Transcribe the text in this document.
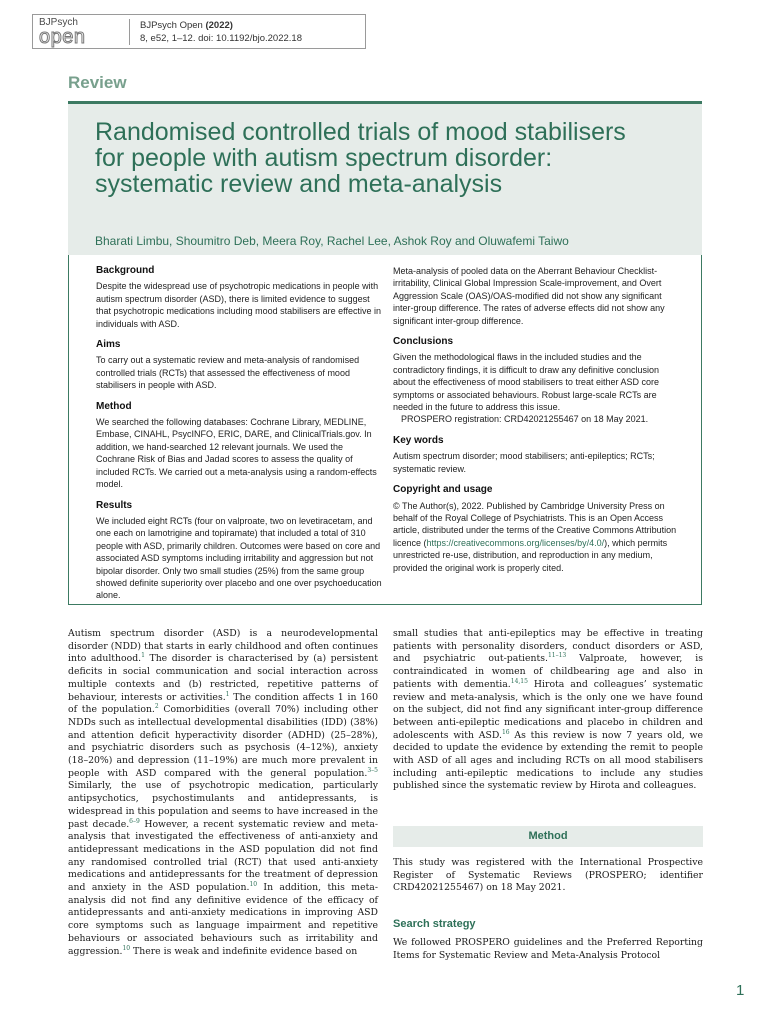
BJPsych
open
BJPsych Open (2022)
8, e52, 1–12. doi: 10.1192/bjo.2022.18
Review
Randomised controlled trials of mood stabilisers for people with autism spectrum disorder: systematic review and meta-analysis
Bharati Limbu, Shoumitro Deb, Meera Roy, Rachel Lee, Ashok Roy and Oluwafemi Taiwo

Background

Despite the widespread use of psychotropic medications in people with autism spectrum disorder (ASD), there is limited evidence to suggest that psychotropic medications including mood stabilisers are effective in individuals with ASD.

Aims

To carry out a systematic review and meta-analysis of randomised controlled trials (RCTs) that assessed the effectiveness of mood stabilisers in people with ASD.

Method

We searched the following databases: Cochrane Library, MEDLINE, Embase, CINAHL, PsycINFO, ERIC, DARE, and ClinicalTrials.gov. In addition, we hand-searched 12 relevant journals. We used the Cochrane Risk of Bias and Jadad scores to assess the quality of included RCTs. We carried out a meta-analysis using a random-effects model.

Results

We included eight RCTs (four on valproate, two on levetiracetam, and one each on lamotrigine and topiramate) that included a total of 310 people with ASD, primarily children. Outcomes were based on core and associated ASD symptoms including irritability and aggression but not bipolar disorder. Only two small studies (25%) from the same group showed definite superiority over placebo and one over psychoeducation alone.

Meta-analysis of pooled data on the Aberrant Behaviour Checklist-irritability, Clinical Global Impression Scale-improvement, and Overt Aggression Scale (OAS)/OAS-modified did not show any significant inter-group difference. The rates of adverse effects did not show any significant inter-group difference.

Conclusions

Given the methodological flaws in the included studies and the contradictory findings, it is difficult to draw any definitive conclusion about the effectiveness of mood stabilisers to treat either ASD core symptoms or associated behaviours. Robust large-scale RCTs are needed in the future to address this issue.

PROSPERO registration: CRD42021255467 on 18 May 2021.

Key words

Autism spectrum disorder; mood stabilisers; anti-epileptics; RCTs; systematic review.

Copyright and usage

© The Author(s), 2022. Published by Cambridge University Press on behalf of the Royal College of Psychiatrists. This is an Open Access article, distributed under the terms of the Creative Commons Attribution licence (https://creativecommons.org/licenses/by/4.0/), which permits unrestricted re-use, distribution, and reproduction in any medium, provided the original work is properly cited.

Autism spectrum disorder (ASD) is a neurodevelopmental disorder (NDD) that starts in early childhood and often continues into adulthood.$^1$ The disorder is characterised by (a) persistent deficits in social communication and social interaction across multiple contexts and (b) restricted, repetitive patterns of behaviour, interests or activities.$^1$ The condition affects 1 in 160 of the population.$^2$ Comorbidities (overall 70%) including other NDDs such as intellectual developmental disabilities (IDD) (38%) and attention deficit hyperactivity disorder (ADHD) (25–28%), and psychiatric disorders such as psychosis (4–12%), anxiety (18–20%) and depression (11–19%) are much more prevalent in people with ASD compared with the general population.$^{3-5}$ Similarly, the use of psychotropic medication, particularly antipsychotics, psychostimulants and antidepressants, is widespread in this population and seems to have increased in the past decade.$^{6-9}$ However, a recent systematic review and meta-analysis that investigated the effectiveness of anti-anxiety and antidepressant medications in the ASD population did not find any randomised controlled trial (RCT) that used anti-anxiety medications and antidepressants for the treatment of depression and anxiety in the ASD population.$^{10}$ In addition, this meta-analysis did not find any definitive evidence of the efficacy of antidepressants and anti-anxiety medications in improving ASD core symptoms such as language impairment and repetitive behaviours or associated behaviours such as irritability and aggression.$^{10}$ There is weak and indefinite evidence based on

small studies that anti-epileptics may be effective in treating patients with personality disorders, conduct disorders or ASD, and psychiatric out-patients.$^{11-13}$ Valproate, however, is contraindicated in women of childbearing age and also in patients with dementia.$^{14,15}$ Hirota and colleagues’ systematic review and meta-analysis, which is the only one we have found on the subject, did not find any significant inter-group difference between anti-epileptic medications and placebo in children and adolescents with ASD.$^{16}$ As this review is now 7 years old, we decided to update the evidence by extending the remit to people with ASD of all ages and including RCTs on all mood stabilisers including anti-epileptic medications to include any studies published since the systematic review by Hirota and colleagues.

Method
This study was registered with the International Prospective Register of Systematic Reviews (PROSPERO; identifier CRD42021255467) on 18 May 2021.
Search strategy
We followed PROSPERO guidelines and the Preferred Reporting Items for Systematic Review and Meta-Analysis Protocol
1
